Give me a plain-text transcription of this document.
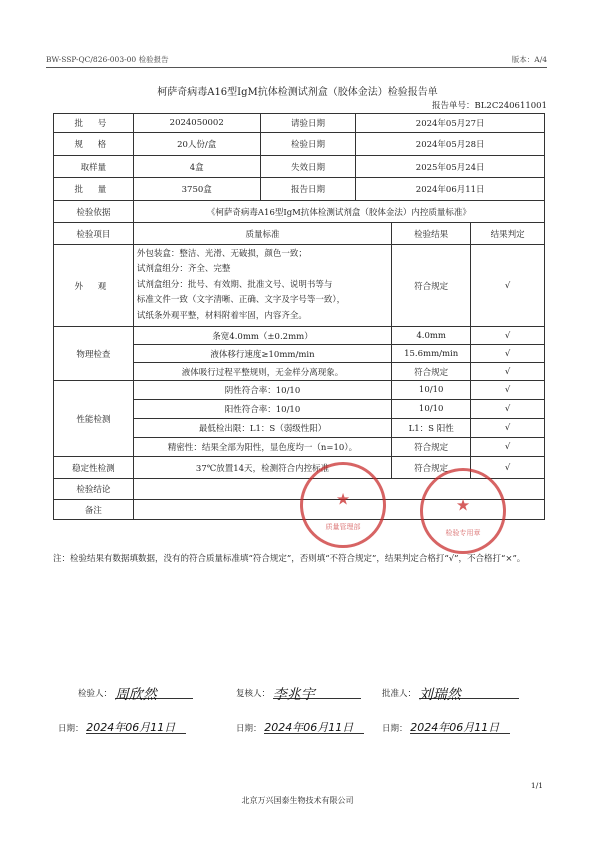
BW-SSP-QC/826-003-00 检验报告	版本：A/4
柯萨奇病毒A16型IgM抗体检测试剂盒（胶体金法）检验报告单
报告单号：BL2C240611001
批 号	2024050002	请验日期	2024年05月27日		
规 格	20人份/盒	检验日期	2024年05月28日		
取样量	4盒	失效日期	2025年05月24日		
批 量	3750盒	报告日期	2024年06月11日		
检验依据	《柯萨奇病毒A16型IgM抗体检测试剂盒（胶体金法）内控质量标准》				
检验项目	质量标准			检验结果	结果判定
外 观	外包装盒：整洁、光滑、无破损，颜色一致；
试剂盒组分：齐全、完整
试剂盒组分：批号、有效期、批准文号、说明书等与
标准文件一致（文字清晰、正确、文字及字号等一致），
试纸条外观平整，材料附着牢固，内容齐全。			符合规定	√
物理检查	条宽4.0mm（±0.2mm）			4.0mm	√
	液体移行速度≥10mm/min			15.6mm/min	√
	液体吸行过程平整规则，无金样分离现象。			符合规定	√
性能检测	阴性符合率：10/10			10/10	√
	阳性符合率：10/10			10/10	√
	最低检出限：L1：S（弱级性阳）			L1：S 阳性	√
	精密性：结果全部为阳性，显色度均一（n=10）。			符合规定	√
稳定性检测	37℃放置14天，检测符合内控标准			符合规定	√
检验结论					
备注					
★
质量管理部
★
检验专用章
注：检验结果有数据填数据，没有的符合质量标准填“符合规定”，否则填“不符合规定”，结果判定合格打“√”，不合格打“×”。
检验人： 周欣然	复核人： 李兆宇	批准人： 刘瑞然
日期： 2024年06月11日	日期： 2024年06月11日	日期： 2024年06月11日
1/1
北京万兴国泰生物技术有限公司
